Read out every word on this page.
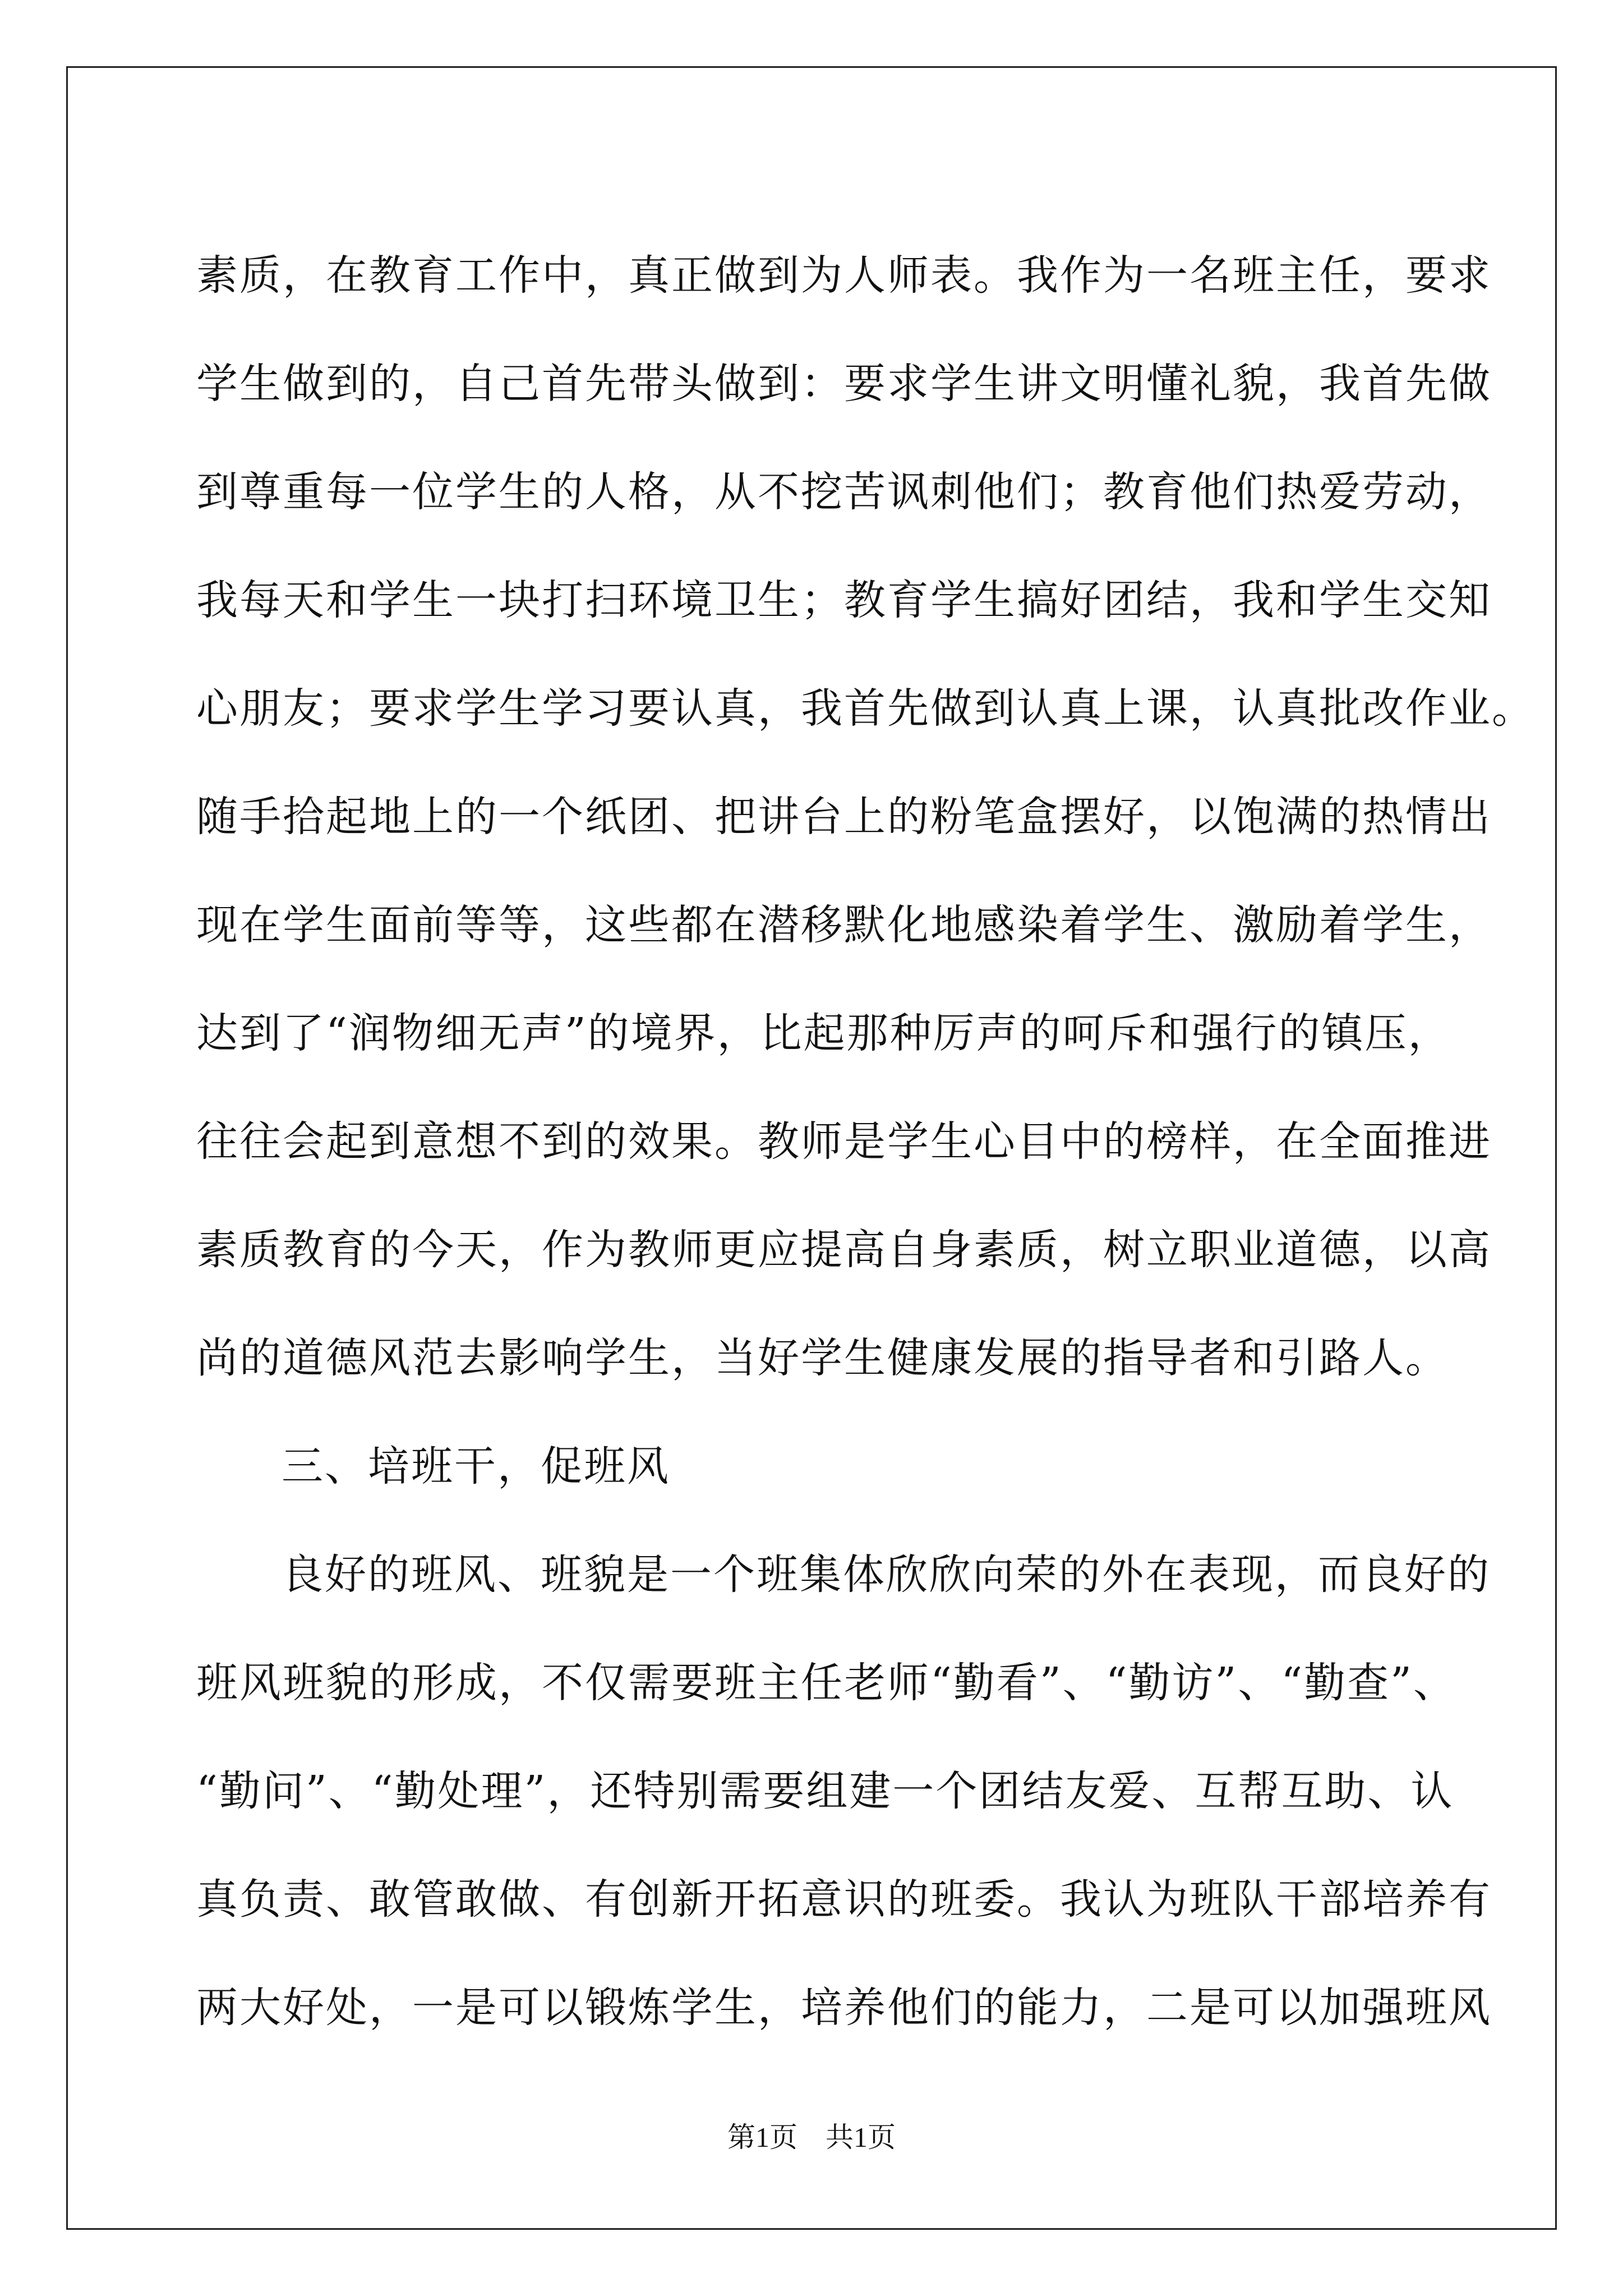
素质，在教育工作中，真正做到为人师表。我作为一名班主任，要求
学生做到的，自己首先带头做到：要求学生讲文明懂礼貌，我首先做
到尊重每一位学生的人格，从不挖苦讽刺他们；教育他们热爱劳动，
我每天和学生一块打扫环境卫生；教育学生搞好团结，我和学生交知
心朋友；要求学生学习要认真，我首先做到认真上课，认真批改作业。
随手拾起地上的一个纸团、把讲台上的粉笔盒摆好，以饱满的热情出
现在学生面前等等，这些都在潜移默化地感染着学生、激励着学生，
达到了“润物细无声”的境界，比起那种厉声的呵斥和强行的镇压，
往往会起到意想不到的效果。教师是学生心目中的榜样，在全面推进
素质教育的今天，作为教师更应提高自身素质，树立职业道德，以高
尚的道德风范去影响学生，当好学生健康发展的指导者和引路人。
三、培班干，促班风
良好的班风、班貌是一个班集体欣欣向荣的外在表现，而良好的
班风班貌的形成，不仅需要班主任老师“勤看”、“勤访”、“勤查”、
“勤问”、“勤处理”，还特别需要组建一个团结友爱、互帮互助、认
真负责、敢管敢做、有创新开拓意识的班委。我认为班队干部培养有
两大好处，一是可以锻炼学生，培养他们的能力，二是可以加强班风
第1页　共1页
